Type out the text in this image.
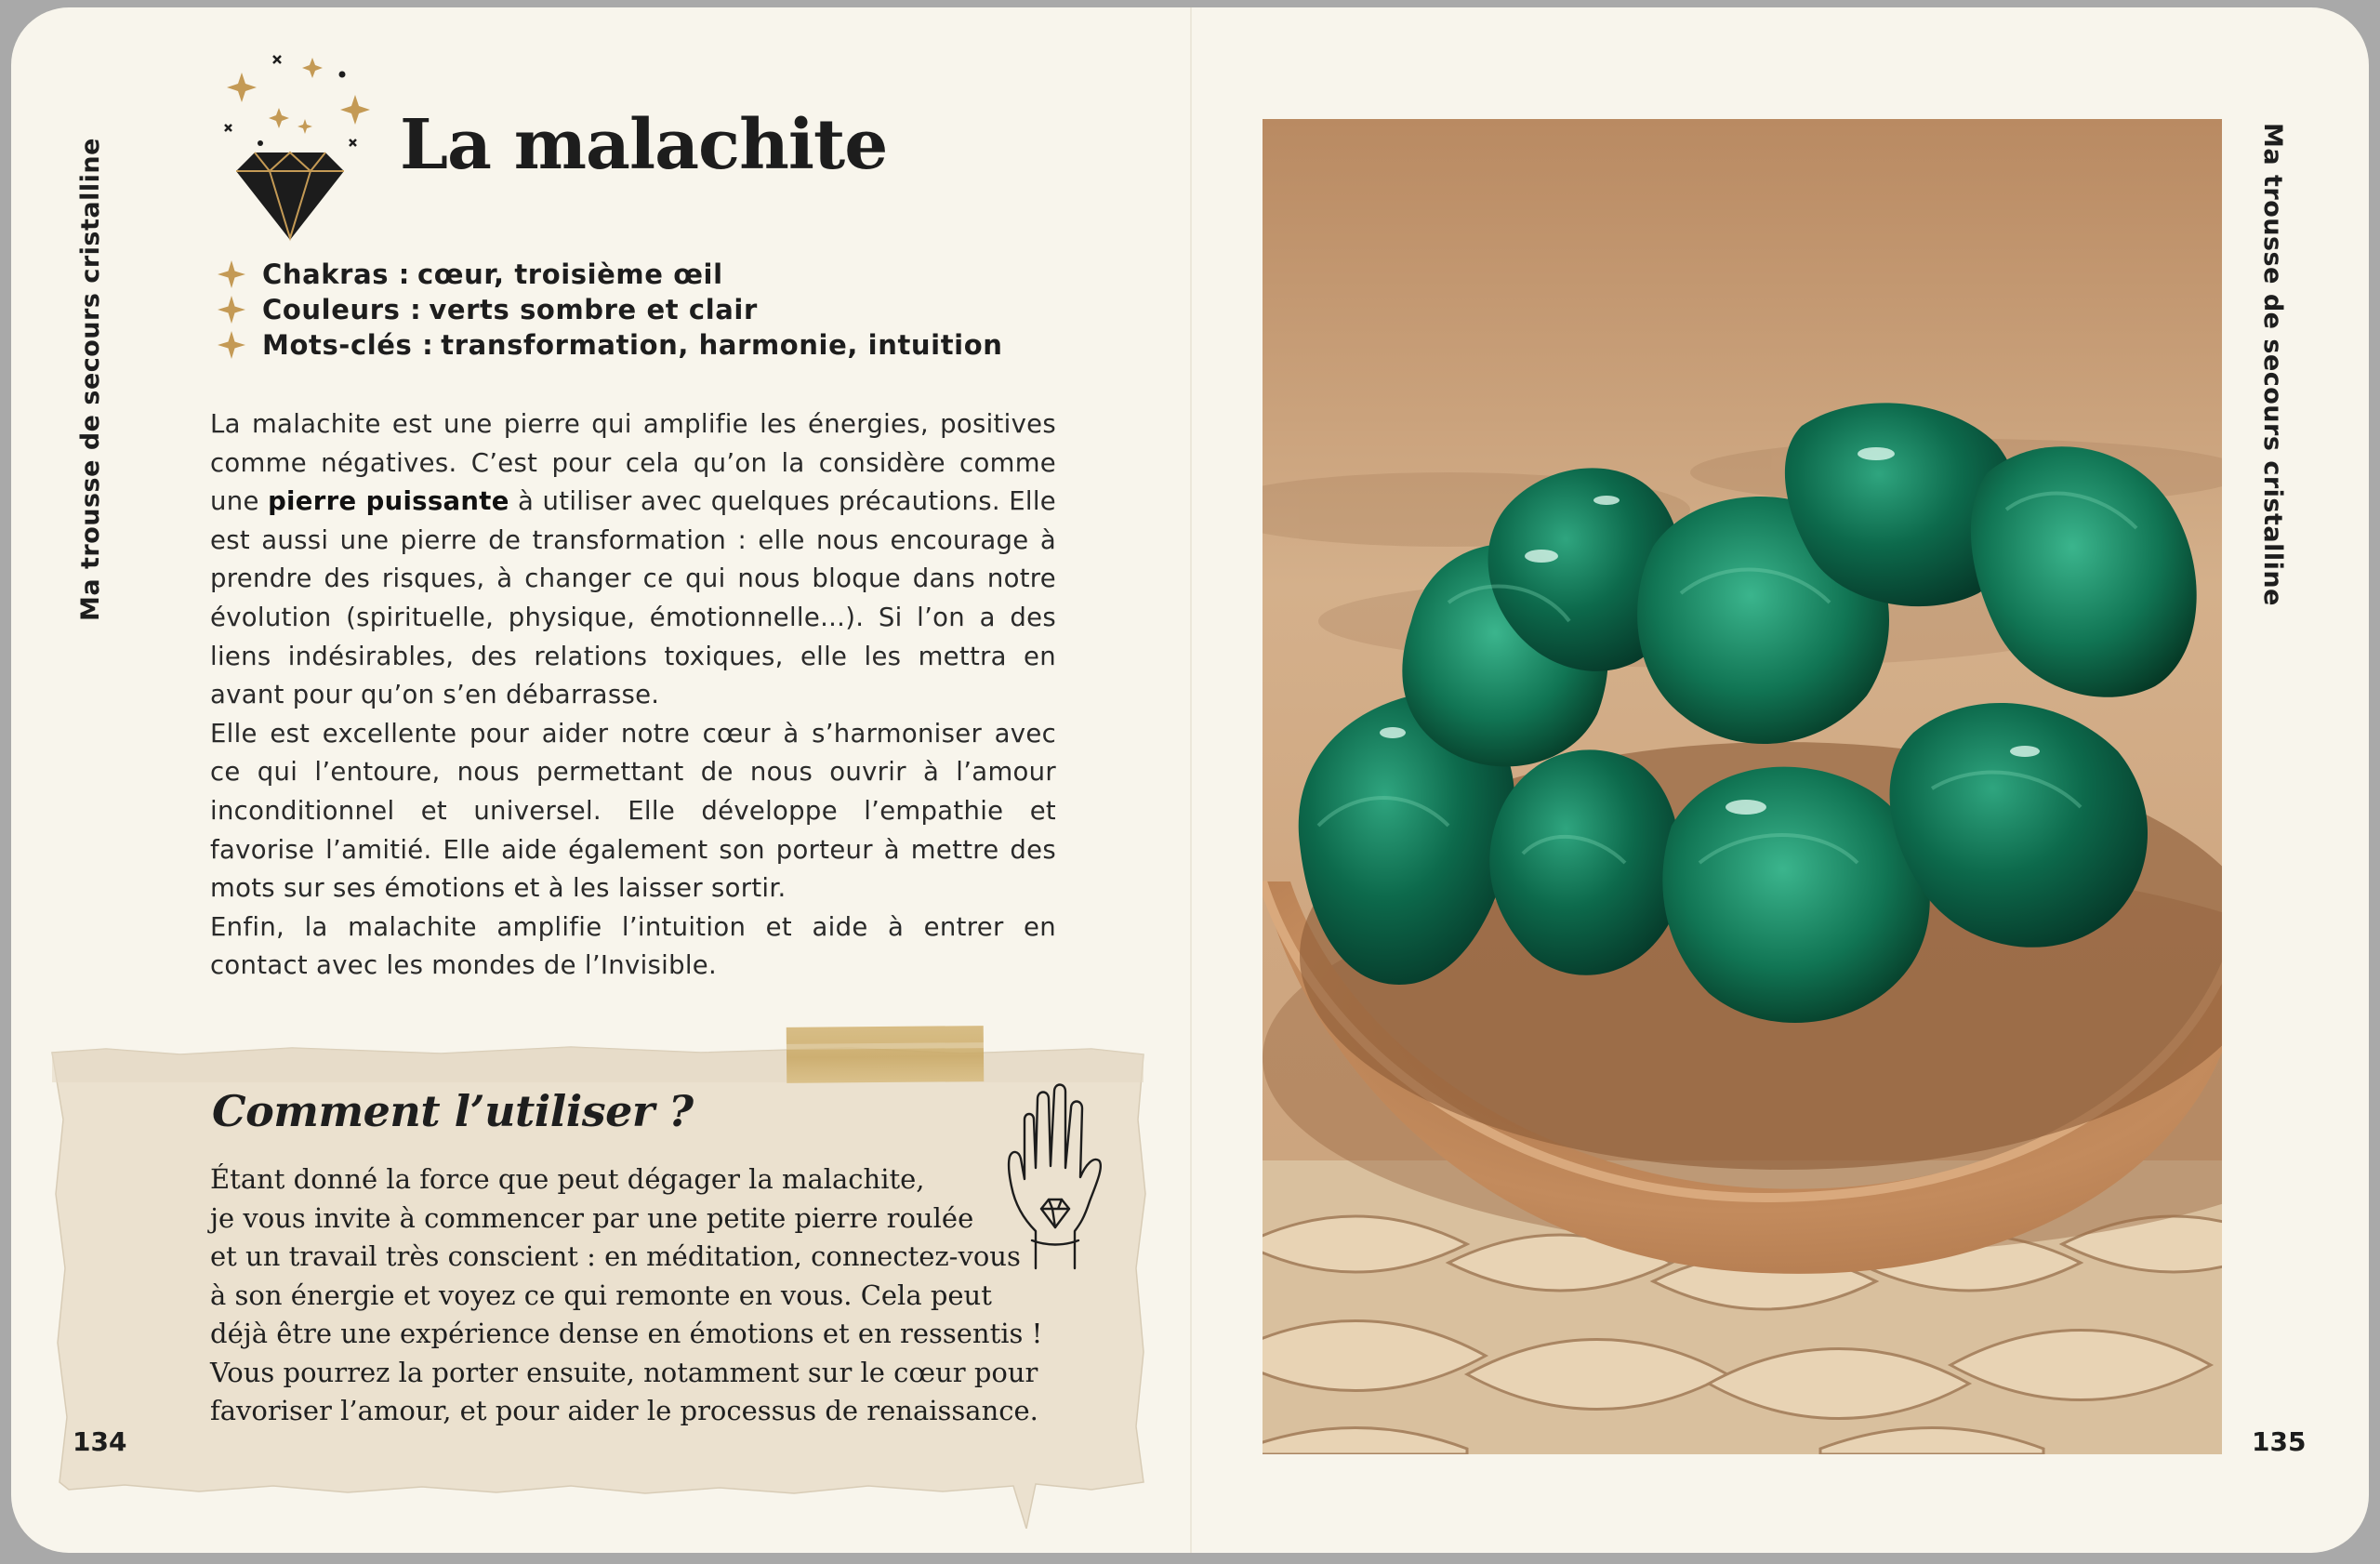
Ma trousse de secours cristalline	Ma trousse de secours cristalline
La malachite
Chakras : cœur, troisième œil
Couleurs : verts sombre et clair
Mots-clés : transformation, harmonie, intuition

La malachite est une pierre qui amplifie les énergies, positives comme négatives. C’est pour cela qu’on la considère comme une pierre puissante à utiliser avec quelques précautions. Elle est aussi une pierre de transformation : elle nous encourage à prendre des risques, à changer ce qui nous bloque dans notre évolution (spirituelle, physique, émotionnelle...). Si l’on a des liens indésirables, des relations toxiques, elle les mettra en avant pour qu’on s’en débarrasse.

Elle est excellente pour aider notre cœur à s’harmoniser avec ce qui l’entoure, nous permettant de nous ouvrir à l’amour inconditionnel et universel. Elle développe l’empathie et favorise l’amitié. Elle aide également son porteur à mettre des mots sur ses émotions et à les laisser sortir.

Enfin, la malachite amplifie l’intuition et aide à entrer en contact avec les mondes de l’Invisible.

Comment l’utiliser ?

Étant donné la force que peut dégager la malachite,
je vous invite à commencer par une petite pierre roulée
et un travail très conscient : en méditation, connectez-vous
à son énergie et voyez ce qui remonte en vous. Cela peut
déjà être une expérience dense en émotions et en ressentis !
Vous pourrez la porter ensuite, notamment sur le cœur pour
favoriser l’amour, et pour aider le processus de renaissance.

134	135
